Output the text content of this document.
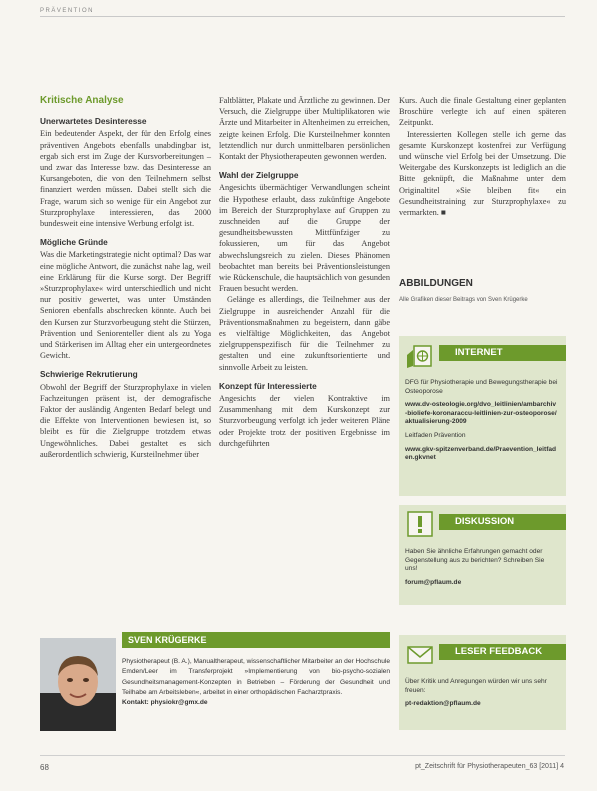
PRÄVENTION
Kritische Analyse
Unerwartetes Desinteresse

Ein bedeutender Aspekt, der für den Erfolg eines präventiven Angebots ebenfalls unabdingbar ist, ergab sich erst im Zuge der Kursvorbereitungen – und zwar das Interesse bzw. das Desinteresse an Kursangeboten, die von den Teilnehmern selbst finanziert werden müssen. Dabei stellt sich die Frage, warum sich so wenige für ein Angebot zur Sturzprophylaxe interessieren, das 2000 bundesweit eine intensive Werbung erfolgt ist.

Mögliche Gründe

Was die Marketingstrategie nicht optimal? Das war eine mögliche Antwort, die zunächst nahe lag, weil eine Erklärung für die Kurse sorgt. Der Begriff »Sturzprophylaxe« wird unterschiedlich und nicht nur positiv gewertet, was unter Umständen Senioren ebenfalls abschrecken könnte. Auch bei den Kursen zur Sturzvorbeugung steht die Stürzen, Prävention und Seniorenteller dient als zu Yoga und Stärkerisen im Alltag eher ein untergeordnetes Gewicht.

Schwierige Rekrutierung

Obwohl der Begriff der Sturzprophylaxe in vielen Fachzeitungen präsent ist, der demografische Faktor der ausländig Angenten Bedarf belegt und die Effekte von Interventionen bewiesen ist, so bleibt es für die Zielgruppe trotzdem etwas Ungewöhnliches. Dabei gestaltet es sich außerordentlich schwierig, Kursteilnehmer über

Faltblätter, Plakate und Ärztliche zu gewinnen. Der Versuch, die Zielgruppe über Multiplikatoren wie Ärzte und Mitarbeiter in Altenheimen zu erreichen, zeigte keinen Erfolg. Die Kursteilnehmer konnten letztendlich nur durch unmittelbaren persönlichen Kontakt der Physiotherapeuten gewonnen werden.

Wahl der Zielgruppe

Angesichts übermächtiger Verwandlungen scheint die Hypothese erlaubt, dass zukünftige Angebote im Bereich der Sturzprophylaxe auf Gruppen zu zuschneiden auf die Gruppe der gesundheitsbewussten Mittfünfziger zu fokussieren, um für das Angebot abwechslungsreich zu zielen. Dieses Phänomen beobachtet man bereits bei Präventionsleistungen wie Rückenschule, die hauptsächlich von gesunden Frauen besucht werden.

Gelänge es allerdings, die Teilnehmer aus der Zielgruppe in ausreichender Anzahl für die Präventionsmaßnahmen zu begeistern, dann gäbe es vielfältige Möglichkeiten, das Angebot zielgruppenspezifisch für die Teilnehmer zu gestalten und eine zukunftsorientierte und sinnvolle Arbeit zu leisten.

Konzept für Interessierte

Angesichts der vielen Kontraktive im Zusammenhang mit dem Kurskonzept zur Sturzvorbeugung verfolgt ich jeder weiteren Pläne oder Projekte trotz der positiven Ergebnisse im durchgeführten

Kurs. Auch die finale Gestaltung einer geplanten Broschüre verlegte ich auf einen späteren Zeitpunkt.

Interessierten Kollegen stelle ich gerne das gesamte Kurskonzept kostenfrei zur Verfügung und wünsche viel Erfolg bei der Umsetzung. Die Weitergabe des Kurskonzepts ist lediglich an die Bitte geknüpft, die Maßnahme unter dem Originaltitel »Sie bleiben fit« ein Gesundheitstraining zur Sturzprophylaxe« zu vermarkten. ■

ABBILDUNGEN
Alle Grafiken dieser Beitrags von Sven Krügerke
INTERNET

DFG für Physiotherapie und Bewegungstherapie bei Osteoporose

www.dv-osteologie.org/dvo_leitlinien/ambarchiv-bioliefe-koronaraccu-leitlinien-zur-osteoporose/aktualisierung-2009

Leitfaden Prävention

www.gkv-spitzenverband.de/Praevention_leitfaden.gkvnet

DISKUSSION

Haben Sie ähnliche Erfahrungen gemacht oder Gegenstellung aus zu berichten? Schreiben Sie uns!

forum@pflaum.de

LESER FEEDBACK

Über Kritik und Anregungen würden wir uns sehr freuen:

pt-redaktion@pflaum.de

SVEN KRÜGERKE
Physiotherapeut (B. A.), Manualtherapeut, wissenschaftlicher Mitarbeiter an der Hochschule Emden/Leer im Transferprojekt »Implementierung von bio-psycho-sozialen Gesundheitsmanagement-Konzepten in Betrieben – Förderung der Gesundheit und Teilhabe am Arbeitsleben«, arbeitet in einer orthopädischen Facharztpraxis.
Kontakt: physiokr@gmx.de
68	pt_Zeitschrift für Physiotherapeuten_63 [2011] 4
